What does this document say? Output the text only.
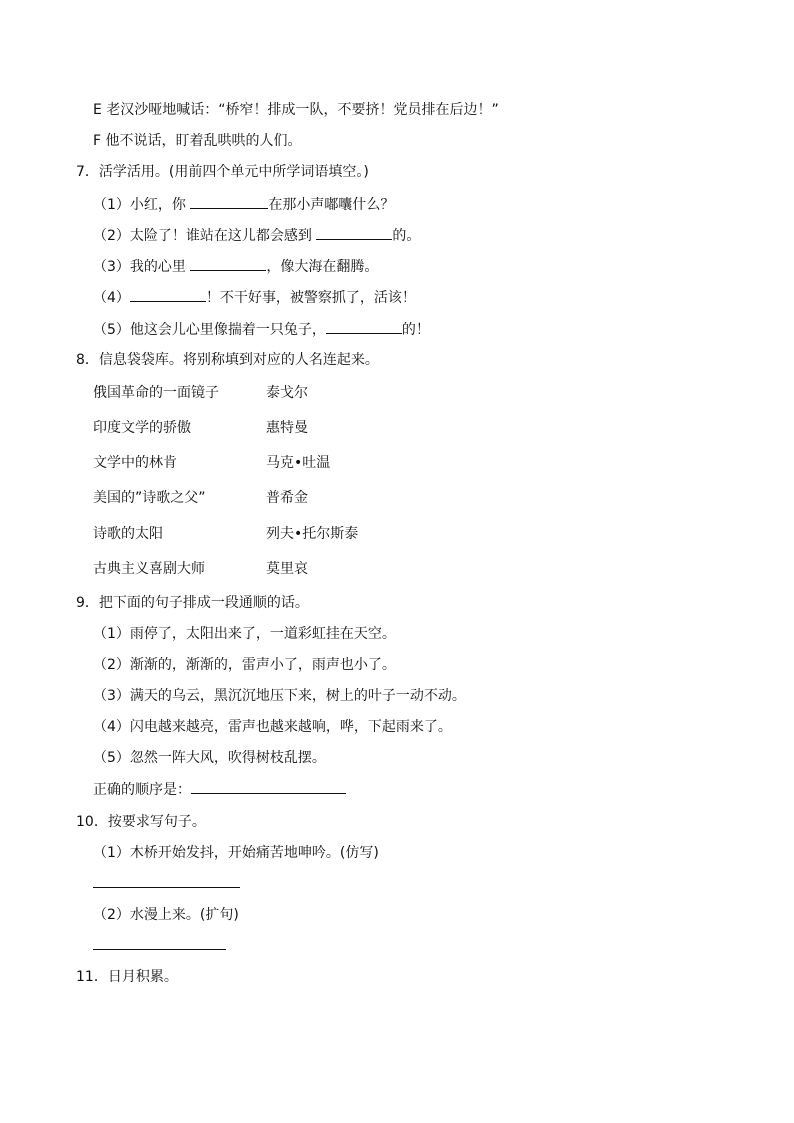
E 老汉沙哑地喊话：“桥窄！排成一队，不要挤！党员排在后边！”
F 他不说话，盯着乱哄哄的人们。
7．活学活用。(用前四个单元中所学词语填空。)
（1）小红，你	在那小声嘟囔什么？
（2）太险了！谁站在这儿都会感到	的。
（3）我的心里	，像大海在翻腾。
（4）	！不干好事，被警察抓了，活该！
（5）他这会儿心里像揣着一只兔子，	的！
8．信息袋袋库。将别称填到对应的人名连起来。
俄国革命的一面镜子	泰戈尔
印度文学的骄傲	惠特曼
文学中的林肯	马克•吐温
美国的”诗歌之父”	普希金
诗歌的太阳	列夫•托尔斯泰
古典主义喜剧大师	莫里哀
9．把下面的句子排成一段通顺的话。
（1）雨停了，太阳出来了，一道彩虹挂在天空。
（2）渐渐的，渐渐的，雷声小了，雨声也小了。
（3）满天的乌云，黑沉沉地压下来，树上的叶子一动不动。
（4）闪电越来越亮，雷声也越来越响，哗，下起雨来了。
（5）忽然一阵大风，吹得树枝乱摆。
正确的顺序是：
10．按要求写句子。
（1）木桥开始发抖，开始痛苦地呻吟。(仿写)
（2）水漫上来。(扩句)
11．日月积累。
